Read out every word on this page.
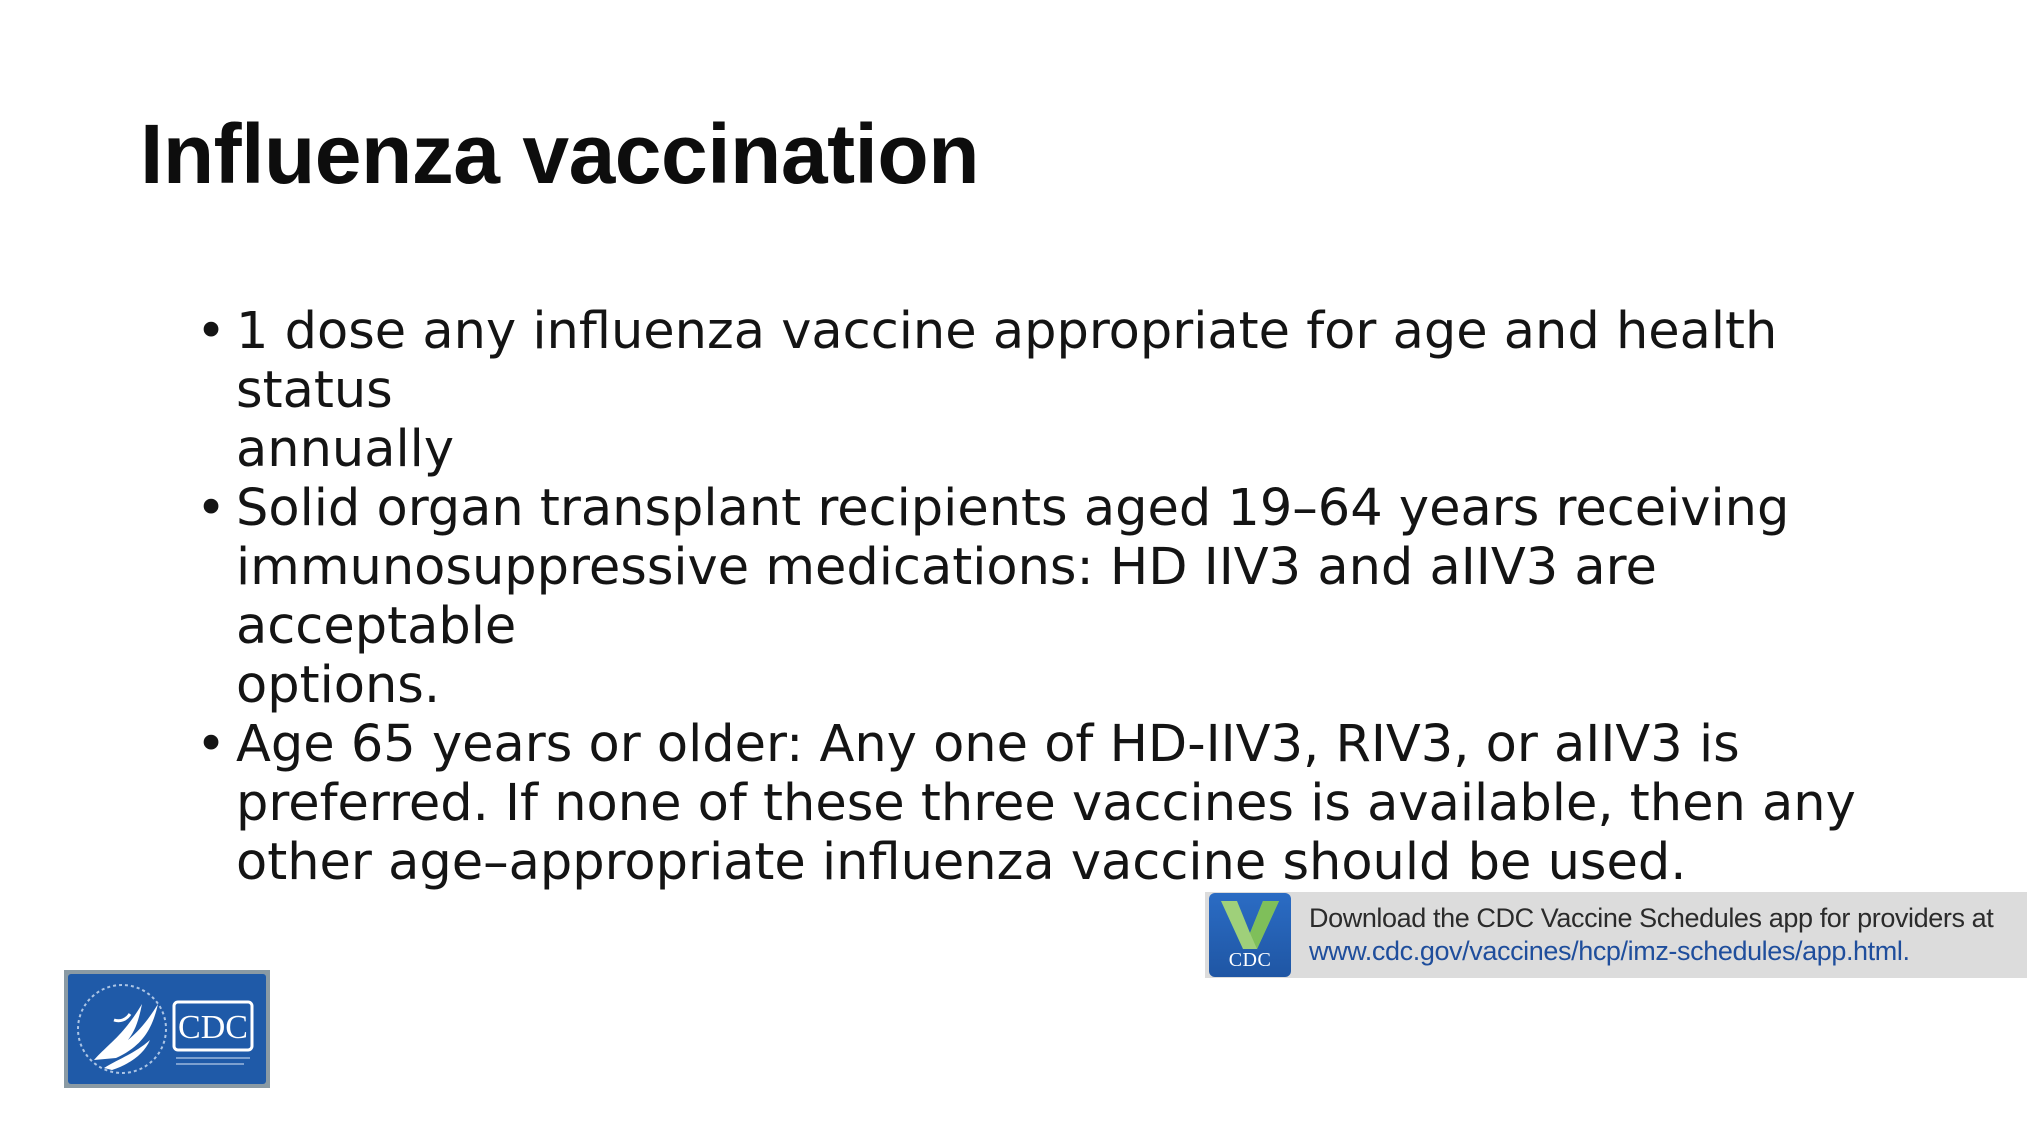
Influenza vaccination
• 1 dose any influenza vaccine appropriate for age and health status
annually
• Solid organ transplant recipients aged 19–64 years receiving
immunosuppressive medications: HD IIV3 and aIIV3 are acceptable
options.
• Age 65 years or older: Any one of HD-IIV3, RIV3, or aIIV3 is
preferred. If none of these three vaccines is available, then any
other age–appropriate influenza vaccine should be used.
CDC
Download the CDC Vaccine Schedules app for providers at
www.cdc.gov/vaccines/hcp/imz-schedules/app.html.
CDC
